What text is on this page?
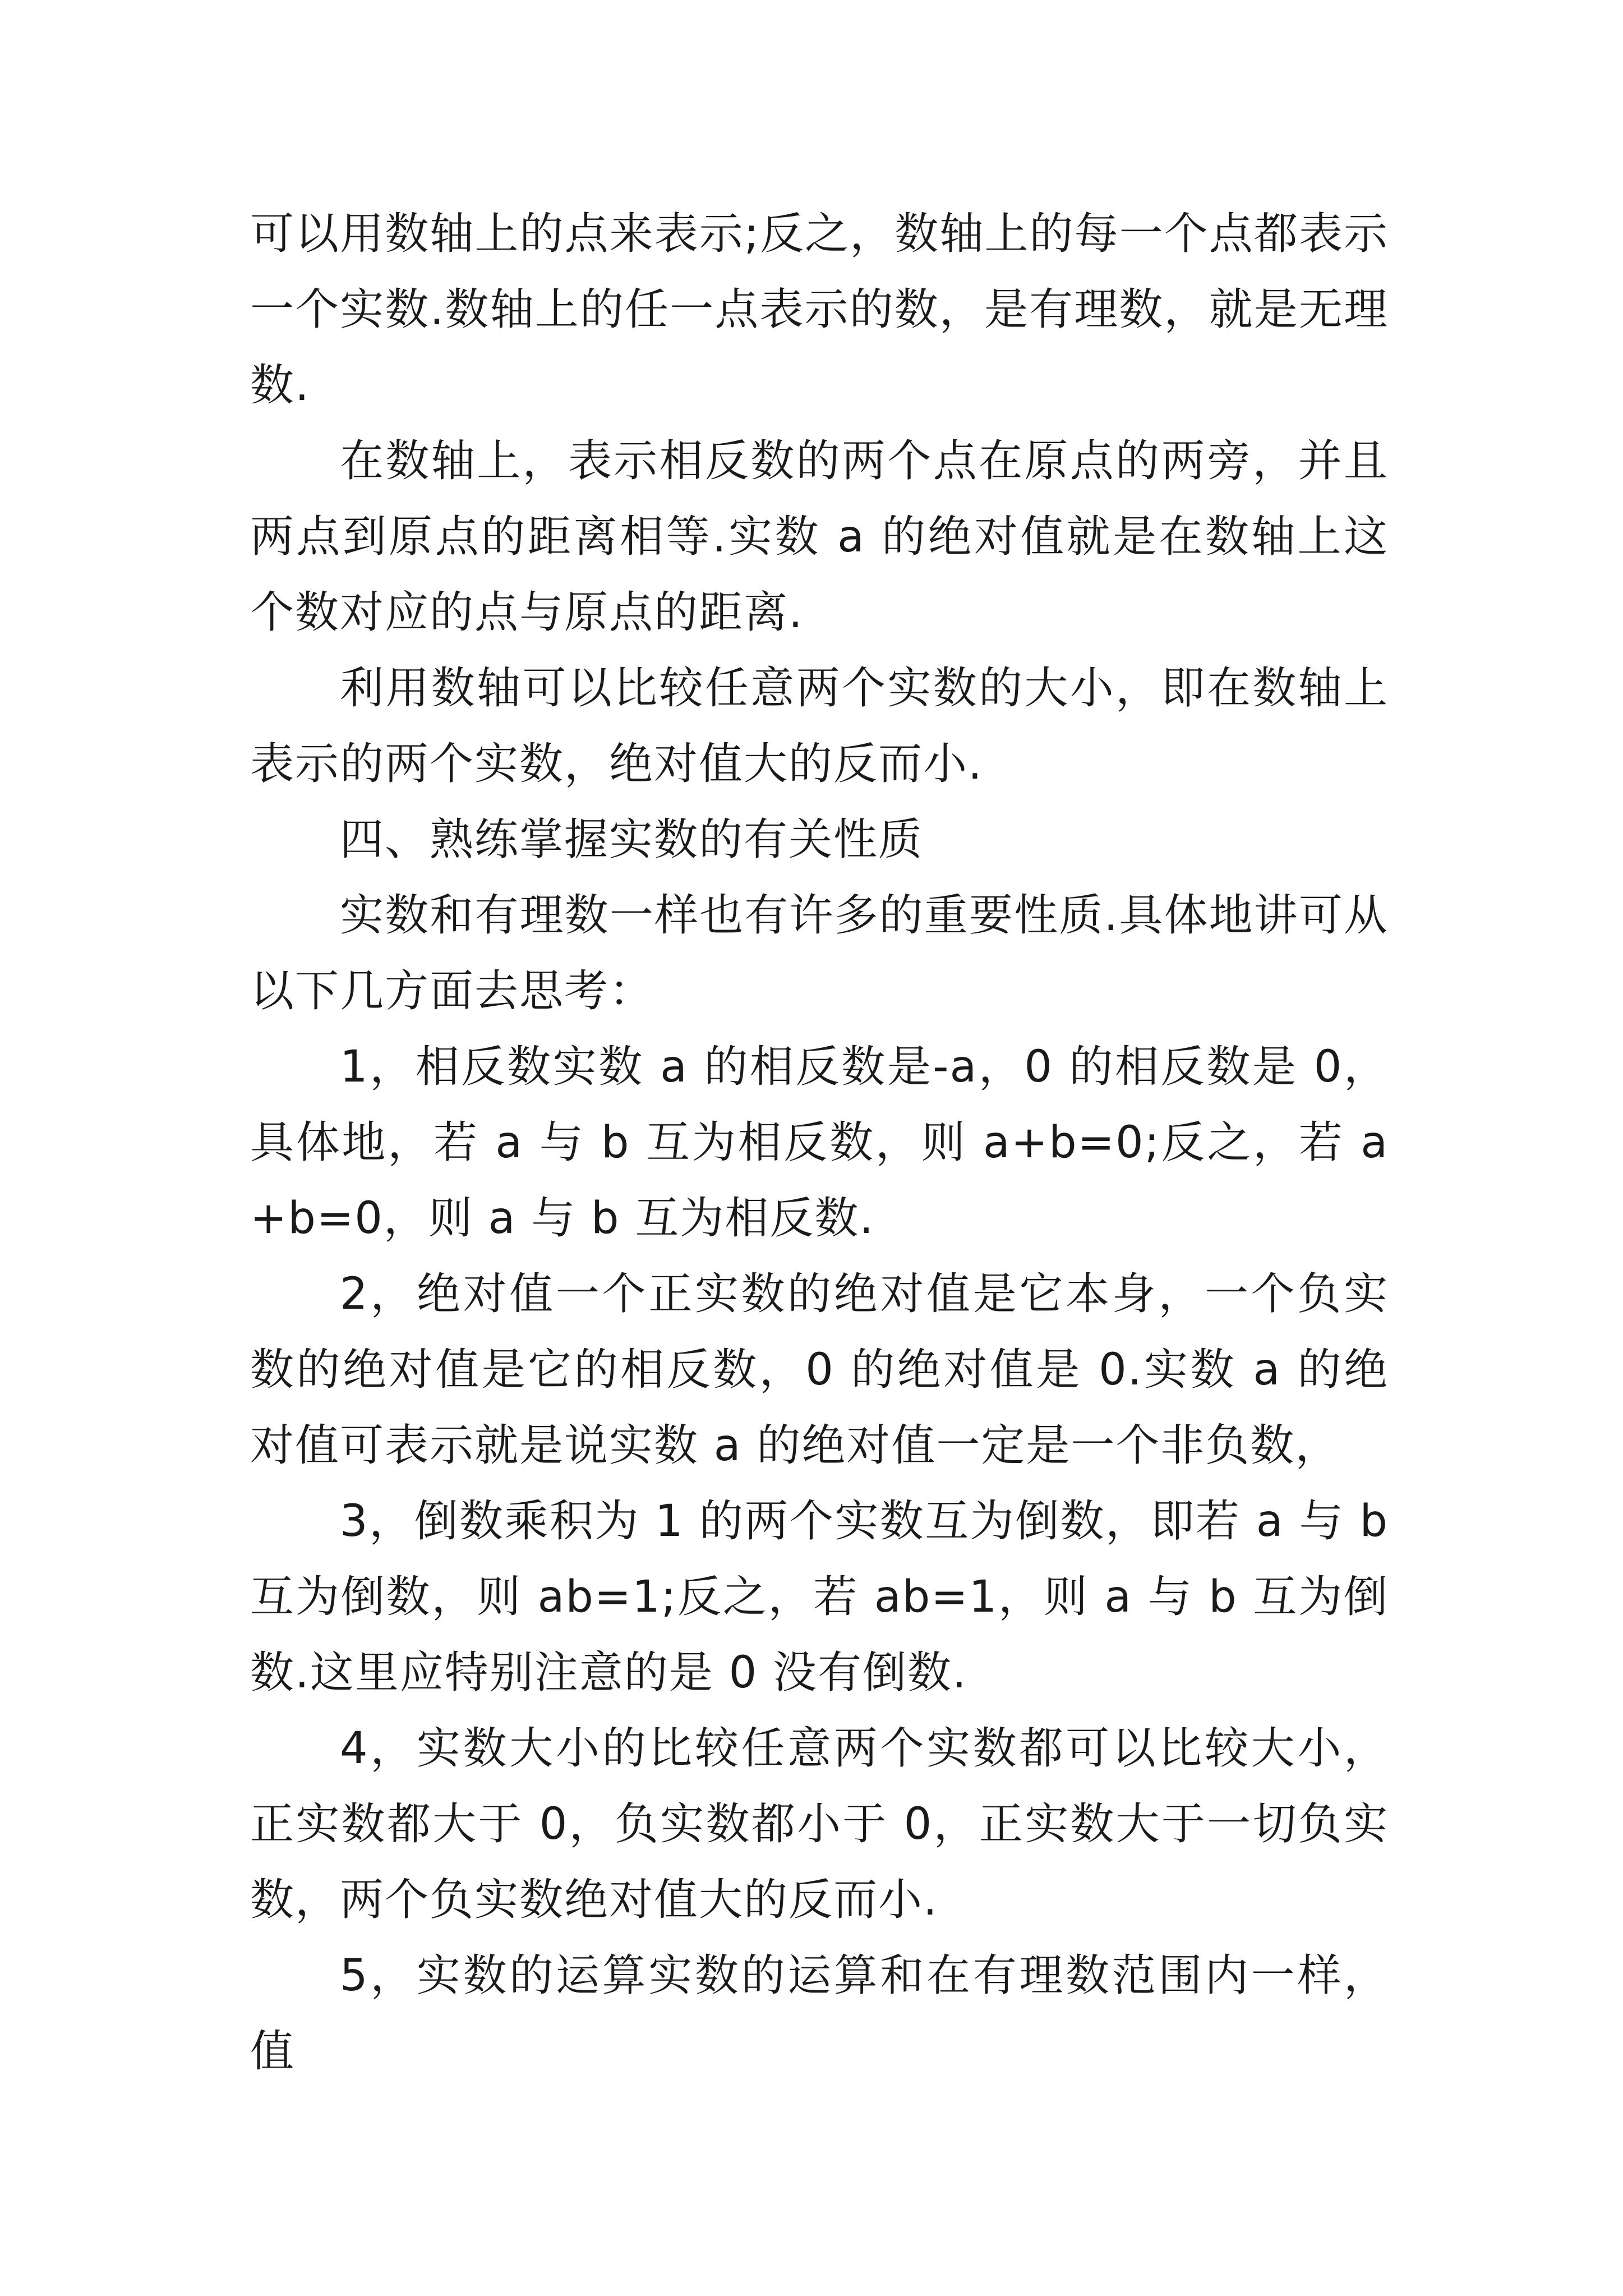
可以用数轴上的点来表示;反之，数轴上的每一个点都表示一个实数.数轴上的任一点表示的数，是有理数，就是无理数.

在数轴上，表示相反数的两个点在原点的两旁，并且两点到原点的距离相等.实数 a 的绝对值就是在数轴上这个数对应的点与原点的距离.

利用数轴可以比较任意两个实数的大小，即在数轴上表示的两个实数，绝对值大的反而小.

四、熟练掌握实数的有关性质

实数和有理数一样也有许多的重要性质.具体地讲可从以下几方面去思考：

1，相反数实数 a 的相反数是-a，0 的相反数是 0，具体地，若 a 与 b 互为相反数，则 a+b=0;反之，若 a+b=0，则 a 与 b 互为相反数.

2，绝对值一个正实数的绝对值是它本身，一个负实数的绝对值是它的相反数，0 的绝对值是 0.实数 a 的绝对值可表示就是说实数 a 的绝对值一定是一个非负数，

3，倒数乘积为 1 的两个实数互为倒数，即若 a 与 b 互为倒数，则 ab=1;反之，若 ab=1，则 a 与 b 互为倒数.这里应特别注意的是 0 没有倒数.

4，实数大小的比较任意两个实数都可以比较大小，正实数都大于 0，负实数都小于 0，正实数大于一切负实数，两个负实数绝对值大的反而小.

5，实数的运算实数的运算和在有理数范围内一样，值
